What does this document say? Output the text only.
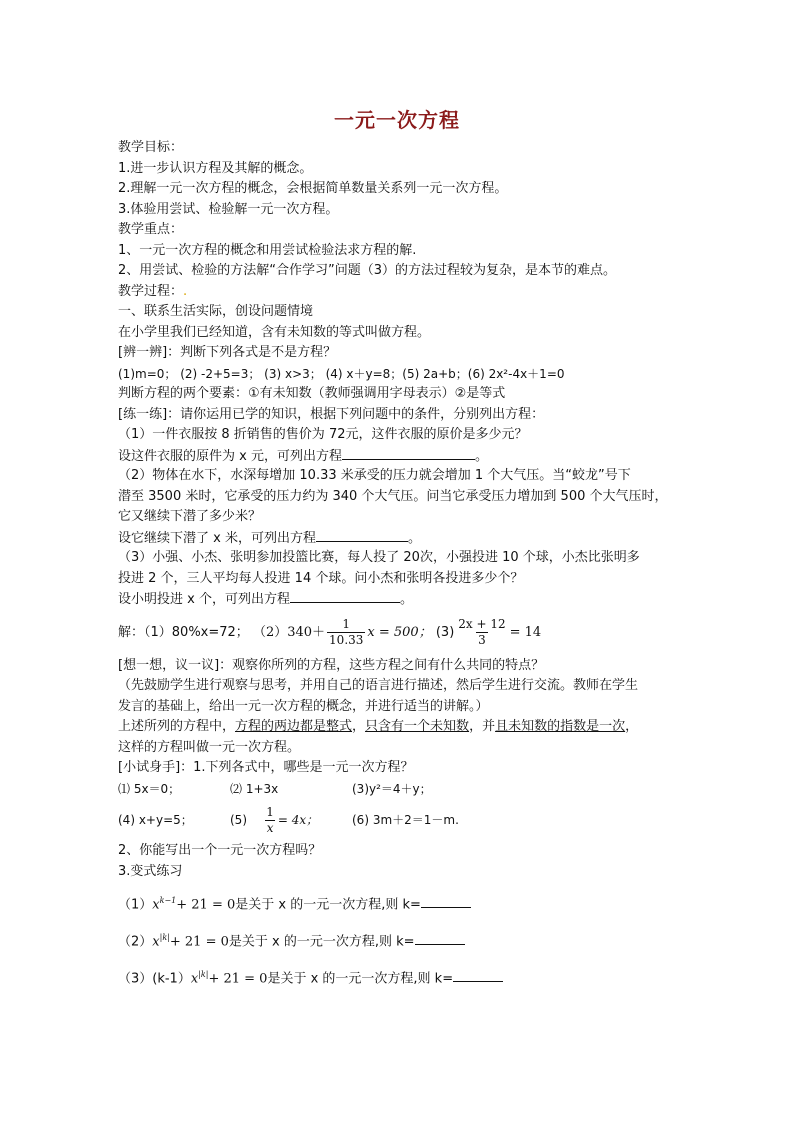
一元一次方程
教学目标：
1.进一步认识方程及其解的概念。
2.理解一元一次方程的概念，会根据简单数量关系列一元一次方程。
3.体验用尝试、检验解一元一次方程。
教学重点：
1、一元一次方程的概念和用尝试检验法求方程的解.
2、用尝试、检验的方法解“合作学习”问题（3）的方法过程较为复杂，是本节的难点。
教学过程：.
一、联系生活实际，创设问题情境
在小学里我们已经知道，含有未知数的等式叫做方程。
[辨一辨]：判断下列各式是不是方程？
(1)m=0； (2) -2+5=3； (3) x>3； (4) x＋y=8；(5) 2a+b；(6) 2x²-4x＋1=0
判断方程的两个要素：①有未知数（教师强调用字母表示）②是等式
[练一练]：请你运用已学的知识，根据下列问题中的条件，分别列出方程：
（1）一件衣服按 8 折销售的售价为 72元，这件衣服的原价是多少元？
设这件衣服的原件为 x 元，可列出方程	。
（2）物体在水下，水深每增加 10.33 米承受的压力就会增加 1 个大气压。当“蛟龙”号下
潜至 3500 米时，它承受的压力约为 340 个大气压。问当它承受压力增加到 500 个大气压时，
它又继续下潜了多少米？
设它继续下潜了 x 米，可列出方程	。
（3）小强、小杰、张明参加投篮比赛，每人投了 20次，小强投进 10 个球，小杰比张明多
投进 2 个，三人平均每人投进 14 个球。问小杰和张明各投进多少个？
设小明投进 x 个，可列出方程	。
解：（1）80%x=72； $(2)340+ \frac{1}{10.33}$ x = 500； $(3) \frac{2x + 12}{3} = 14$
[想一想，议一议]：观察你所列的方程，这些方程之间有什么共同的特点？
（先鼓励学生进行观察与思考，并用自己的语言进行描述，然后学生进行交流。教师在学生
发言的基础上，给出一元一次方程的概念，并进行适当的讲解。）
上述所列的方程中，方程的两边都是整式，只含有一个未知数，并且未知数的指数是一次，
这样的方程叫做一元一次方程。
[小试身手]：1.下列各式中，哪些是一元一次方程？
⑴ 5x＝0；	⑵ 1+3x	(3)y²＝4＋y；
(4) x+y=5；	$(5) \frac{1}{x} = 4x$；	(6) 3m＋2＝1－m.
2、你能写出一个一元一次方程吗？
3.变式练习
$(1)x^{k-1}+ 21 = 0$是关于 x 的一元一次方程,则 k=
$(2)x^{|k|}+ 21 = 0$是关于 x 的一元一次方程,则 k=
$(3)(k-1)x^{|k|}+ 21 = 0$是关于 x 的一元一次方程,则 k=
